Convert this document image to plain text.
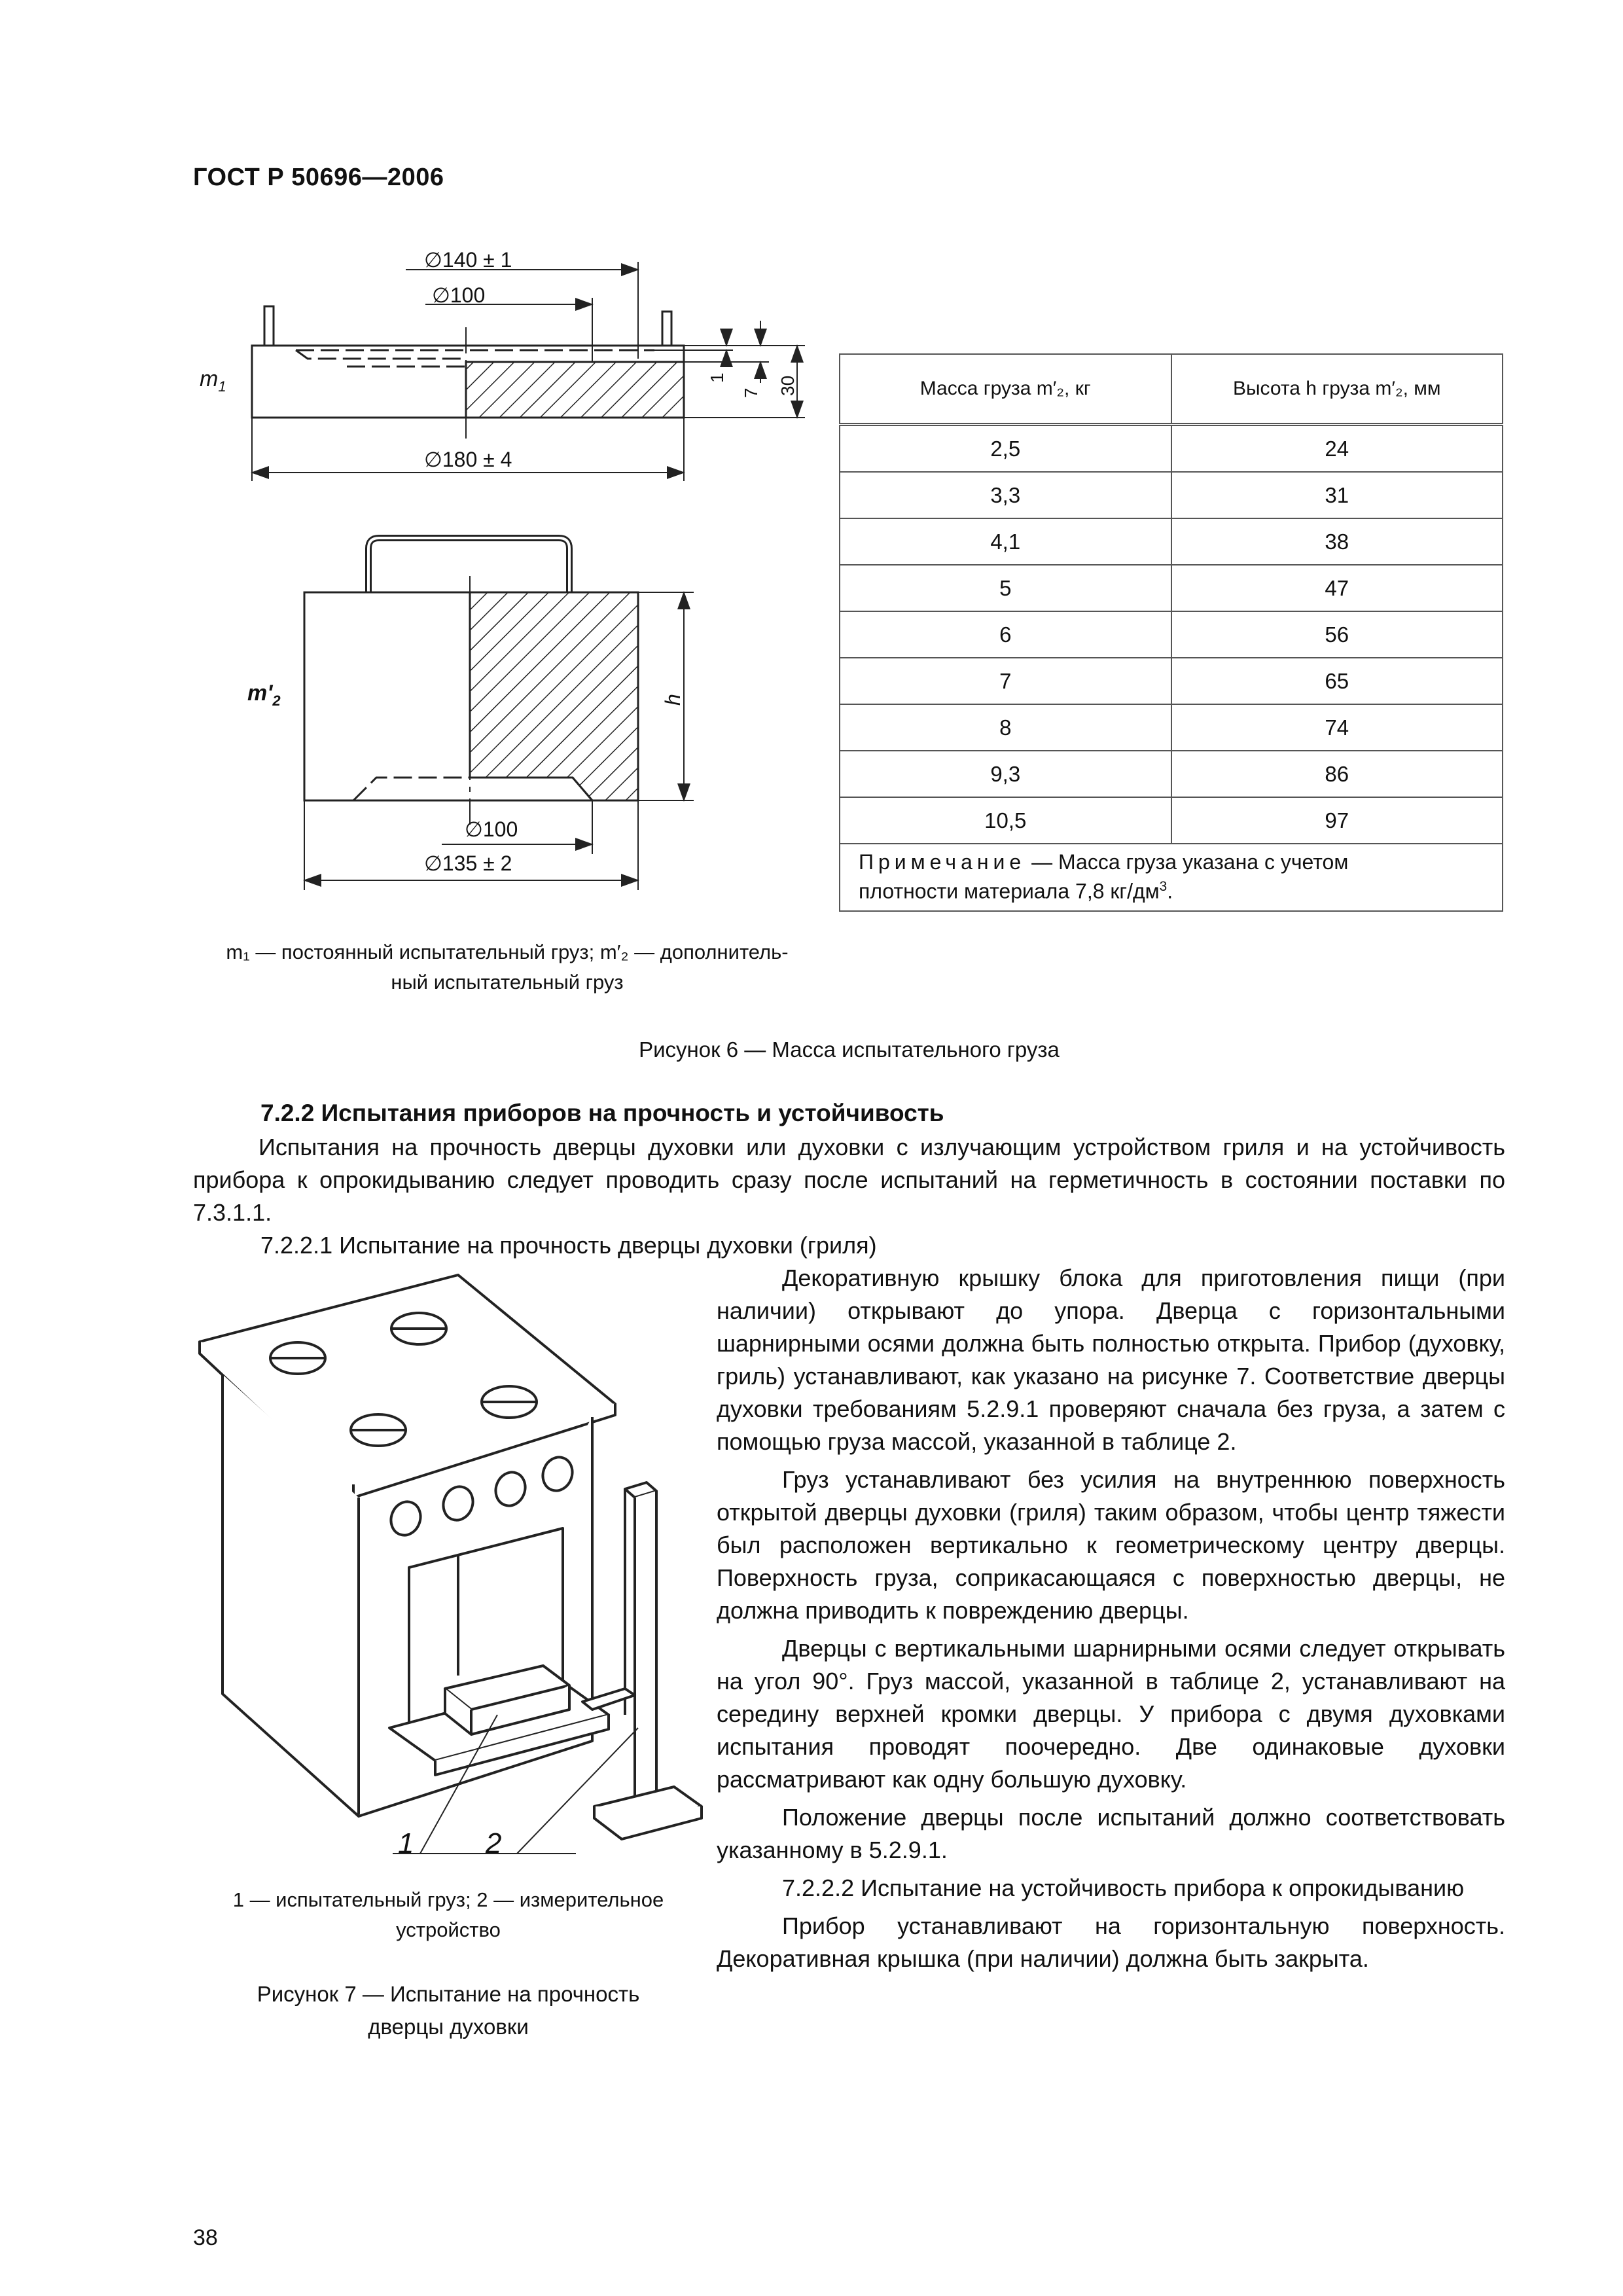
ГОСТ Р 50696—2006
∅140 ± 1
∅100
∅180 ± 4
1
7 30
$m_1$
h
∅100
∅135 ± 2
$m'_2$
m₁ — постоянный испытательный груз; m′₂ — дополнитель-
ный испытательный груз
Рисунок 6 — Масса испытательного груза
Масса груза m′₂, кг	Высота h груза m′₂, мм
2,5	24
3,3	31
4,1	38
5	47
6	56
7	65
8	74
9,3	86
10,5	97
Примечание — Масса груза указана с учетом
плотности материала 7,8 $кг/дм^3$.	
7.2.2 Испытания приборов на прочность и устойчивость
Испытания на прочность дверцы духовки или духовки с излучающим устройством гриля и на устойчивость прибора к опрокидыванию следует проводить сразу после испытаний на герметичность в состоянии поставки по 7.3.1.1.
7.2.2.1 Испытание на прочность дверцы духовки (гриля)
Декоративную крышку блока для приготовления пищи (при наличии) открывают до упора. Дверца с горизонтальными шарнирными осями должна быть полностью открыта. Прибор (духовку, гриль) устанавливают, как указано на рисунке 7. Соответствие дверцы духовки требованиям 5.2.9.1 проверяют сначала без груза, а затем с помощью груза массой, указанной в таблице 2.
Груз устанавливают без усилия на внутреннюю поверхность открытой дверцы духовки (гриля) таким образом, чтобы центр тяжести был расположен вертикально к геометрическому центру дверцы. Поверхность груза, соприкасающаяся с поверхностью дверцы, не должна приводить к повреждению дверцы.
Дверцы с вертикальными шарнирными осями следует открывать на угол 90°. Груз массой, указанной в таблице 2, устанавливают на середину верхней кромки дверцы. У прибора с двумя духовками испытания проводят поочередно. Две одинаковые духовки рассматривают как одну большую духовку.
Положение дверцы после испытаний должно соответствовать указанному в 5.2.9.1.
7.2.2.2 Испытание на устойчивость прибора к опрокидыванию
Прибор устанавливают на горизонтальную поверхность. Декоративная крышка (при наличии) должна быть закрыта.
1 2
1 — испытательный груз; 2 — измерительное
устройство
Рисунок 7 — Испытание на прочность
дверцы духовки
38
